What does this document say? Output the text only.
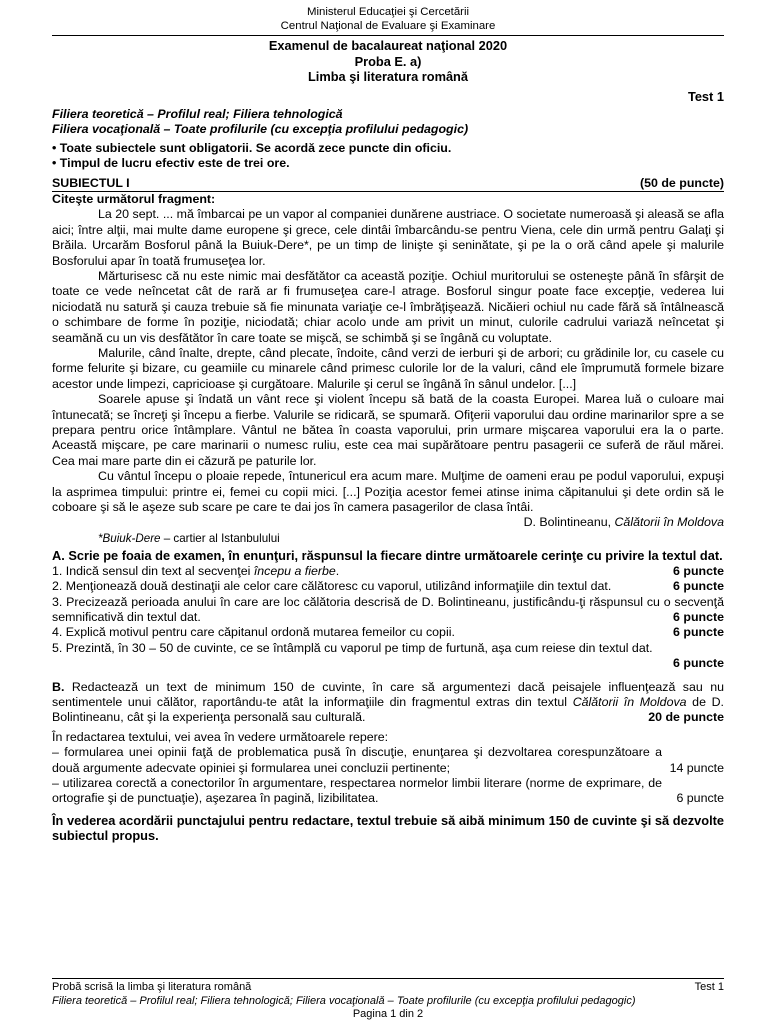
Ministerul Educaţiei şi Cercetării
Centrul Naţional de Evaluare şi Examinare
Examenul de bacalaureat naţional 2020
Proba E. a)
Limba şi literatura română
Test 1
Filiera teoretică – Profilul real; Filiera tehnologică
Filiera vocaţională – Toate profilurile (cu excepţia profilului pedagogic)
• Toate subiectele sunt obligatorii. Se acordă zece puncte din oficiu.
• Timpul de lucru efectiv este de trei ore.
SUBIECTUL I	(50 de puncte)
Citeşte următorul fragment:
La 20 sept. ... mă îmbarcai pe un vapor al companiei dunărene austriace. O societate numeroasă şi aleasă se afla aici; între alţii, mai multe dame europene şi grece, cele dintâi îmbarcându-se pentru Viena, cele din urmă pentru Galaţi şi Brăila. Urcarăm Bosforul până la Buiuk-Dere*, pe un timp de linişte şi seninătate, şi pe la o oră când apele şi malurile Bosforului apar în toată frumuseţea lor.
Mărturisesc că nu este nimic mai desfătător ca această poziţie. Ochiul muritorului se osteneşte până în sfârşit de toate ce vede neîncetat cât de rară ar fi frumuseţea care-l atrage. Bosforul singur poate face excepţie, vederea lui niciodată nu satură şi cauza trebuie să fie minunata variaţie ce-l îmbrăţişează. Nicăieri ochiul nu cade fără să întâlnească o schimbare de forme în poziţie, niciodată; chiar acolo unde am privit un minut, culorile cadrului variază neîncetat şi seamănă cu un vis desfătător în care toate se mişcă, se schimbă şi se îngână cu voluptate.
Malurile, când înalte, drepte, când plecate, îndoite, când verzi de ierburi şi de arbori; cu grădinile lor, cu casele cu forme felurite şi bizare, cu geamiile cu minarele când primesc culorile lor de la valuri, când ele împrumută formele bizare acestor unde limpezi, capricioase şi curgătoare. Malurile şi cerul se îngână în sânul undelor. [...]
Soarele apuse şi îndată un vânt rece şi violent începu să bată de la coasta Europei. Marea luă o culoare mai întunecată; se încreţi şi începu a fierbe. Valurile se ridicară, se spumară. Ofiţerii vaporului dau ordine marinarilor spre a se prepara pentru orice întâmplare. Vântul ne bătea în coasta vaporului, prin urmare mişcarea vaporului era la o parte. Această mişcare, pe care marinarii o numesc ruliu, este cea mai supărătoare pentru pasagerii ce suferă de răul mărei. Cea mai mare parte din ei căzură pe paturile lor.
Cu vântul începu o ploaie repede, întunericul era acum mare. Mulţime de oameni erau pe podul vaporului, expuşi la asprimea timpului: printre ei, femei cu copii mici. [...] Poziţia acestor femei atinse inima căpitanului şi dete ordin să le coboare şi să le aşeze sub scare pe care te dai jos în camera pasagerilor de clasa întâi.
D. Bolintineanu, Călătorii în Moldova
*Buiuk-Dere – cartier al Istanbulului
A. Scrie pe foaia de examen, în enunţuri, răspunsul la fiecare dintre următoarele cerinţe cu privire la textul dat.
1. Indică sensul din text al secvenţei începu a fierbe.	6 puncte
2. Menţionează două destinaţii ale celor care călătoresc cu vaporul, utilizând informaţiile din textul dat.	6 puncte
3. Precizează perioada anului în care are loc călătoria descrisă de D. Bolintineanu, justificându-ţi răspunsul cu o secvenţă semnificativă din textul dat.	6 puncte
4. Explică motivul pentru care căpitanul ordonă mutarea femeilor cu copii.	6 puncte
5. Prezintă, în 30 – 50 de cuvinte, ce se întâmplă cu vaporul pe timp de furtună, aşa cum reiese din textul dat.
6 puncte
B. Redactează un text de minimum 150 de cuvinte, în care să argumentezi dacă peisajele influenţează sau nu sentimentele unui călător, raportându-te atât la informaţiile din fragmentul extras din textul Călătorii în Moldova de D. Bolintineanu, cât şi la experienţa personală sau culturală.	20 de puncte
În redactarea textului, vei avea în vedere următoarele repere:
– formularea unei opinii faţă de problematica pusă în discuţie, enunţarea şi dezvoltarea corespunzătoare a două argumente adecvate opiniei şi formularea unei concluzii pertinente;	14 puncte
– utilizarea corectă a conectorilor în argumentare, respectarea normelor limbii literare (norme de exprimare, de ortografie şi de punctuaţie), aşezarea în pagină, lizibilitatea.	6 puncte
În vederea acordării punctajului pentru redactare, textul trebuie să aibă minimum 150 de cuvinte şi să dezvolte subiectul propus.
Probă scrisă la limba şi literatura română	Test 1
Filiera teoretică – Profilul real; Filiera tehnologică; Filiera vocaţională – Toate profilurile (cu excepţia profilului pedagogic)
Pagina 1 din 2
